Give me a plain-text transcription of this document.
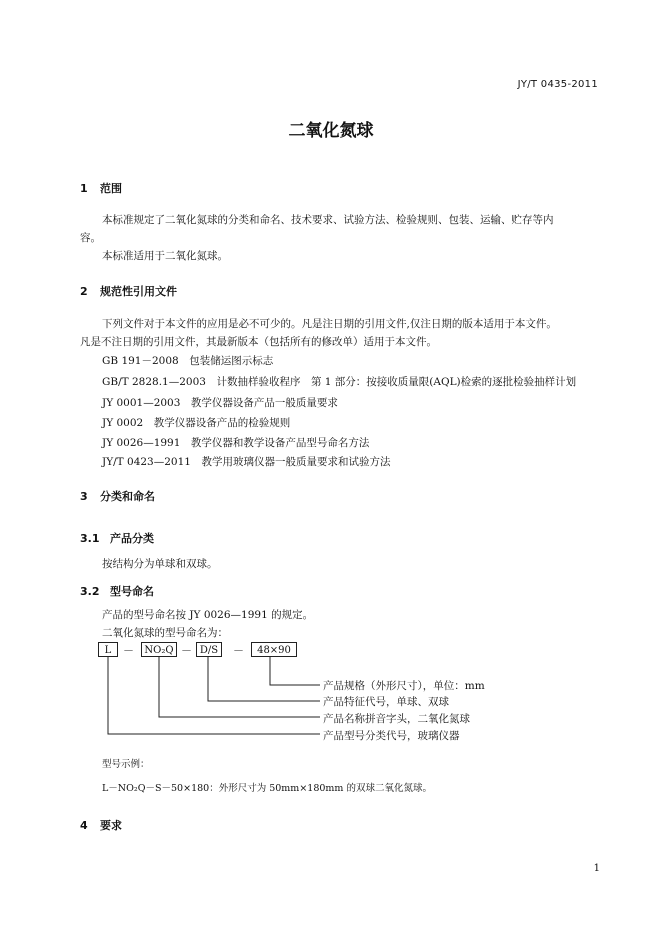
JY/T 0435-2011
二氧化氮球
1 范围
本标准规定了二氧化氮球的分类和命名、技术要求、试验方法、检验规则、包装、运输、贮存等内
容。
本标准适用于二氧化氮球。
2 规范性引用文件
下列文件对于本文件的应用是必不可少的。凡是注日期的引用文件,仅注日期的版本适用于本文件。
凡是不注日期的引用文件，其最新版本（包括所有的修改单）适用于本文件。
GB 191－2008　包装储运图示标志
GB/T 2828.1—2003　计数抽样验收程序　第 1 部分：按接收质量限(AQL)检索的逐批检验抽样计划
JY 0001—2003　教学仪器设备产品一般质量要求
JY 0002　教学仪器设备产品的检验规则
JY 0026—1991　教学仪器和教学设备产品型号命名方法
JY/T 0423—2011　教学用玻璃仪器一般质量要求和试验方法
3 分类和命名
3.1 产品分类
按结构分为单球和双球。
3.2 型号命名
产品的型号命名按 JY 0026—1991 的规定。
二氧化氮球的型号命名为：
L	－	NO₂Q － D/S	－	48×90
产品规格（外形尺寸），单位：mm
产品特征代号，单球、双球
产品名称拼音字头，二氧化氮球
产品型号分类代号，玻璃仪器
型号示例：
L－NO₂Q－S－50×180：外形尺寸为 50mm×180mm 的双球二氧化氮球。
4 要求
1
